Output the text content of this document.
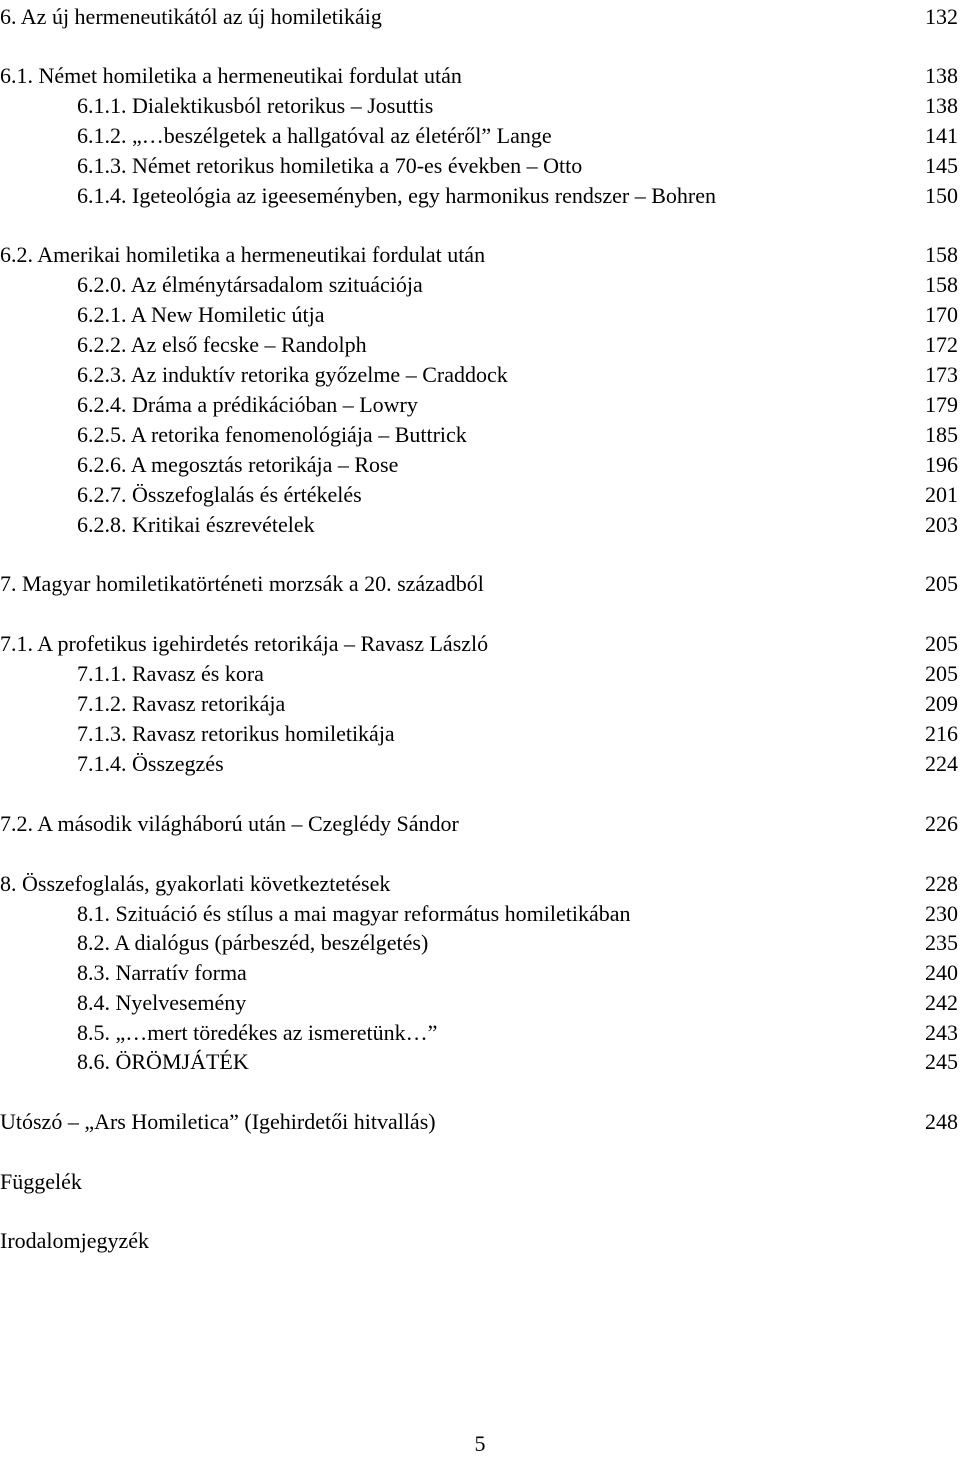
6. Az új hermeneutikától az új homiletikáig	132
6.1. Német homiletika a hermeneutikai fordulat után	138
6.1.1. Dialektikusból retorikus – Josuttis	138
6.1.2. „…beszélgetek a hallgatóval az életéről” Lange	141
6.1.3. Német retorikus homiletika a 70-es években – Otto	145
6.1.4. Igeteológia az igeeseményben, egy harmonikus rendszer – Bohren	150
6.2. Amerikai homiletika a hermeneutikai fordulat után	158
6.2.0. Az élménytársadalom szituációja	158
6.2.1. A New Homiletic útja	170
6.2.2. Az első fecske – Randolph	172
6.2.3. Az induktív retorika győzelme – Craddock	173
6.2.4. Dráma a prédikációban – Lowry	179
6.2.5. A retorika fenomenológiája – Buttrick	185
6.2.6. A megosztás retorikája – Rose	196
6.2.7. Összefoglalás és értékelés	201
6.2.8. Kritikai észrevételek	203
7. Magyar homiletikatörténeti morzsák a 20. századból	205
7.1. A profetikus igehirdetés retorikája – Ravasz László	205
7.1.1. Ravasz és kora	205
7.1.2. Ravasz retorikája	209
7.1.3. Ravasz retorikus homiletikája	216
7.1.4. Összegzés	224
7.2. A második világháború után – Czeglédy Sándor	226
8. Összefoglalás, gyakorlati következtetések	228
8.1. Szituáció és stílus a mai magyar református homiletikában	230
8.2. A dialógus (párbeszéd, beszélgetés)	235
8.3. Narratív forma	240
8.4. Nyelvesemény	242
8.5. „…mert töredékes az ismeretünk…”	243
8.6. ÖRÖMJÁTÉK	245
Utószó – „Ars Homiletica” (Igehirdetői hitvallás)	248
Függelék
Irodalomjegyzék
5
